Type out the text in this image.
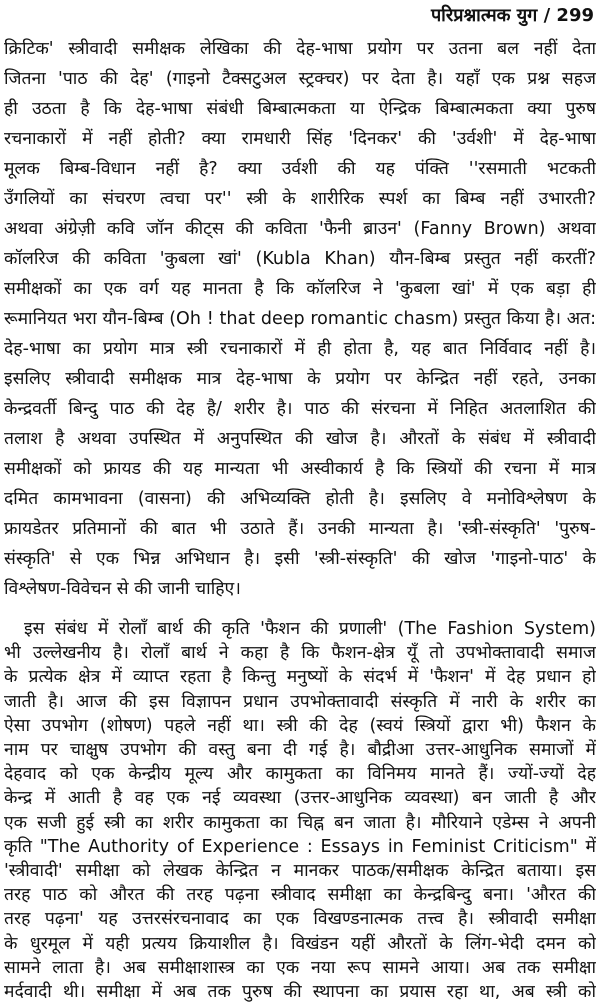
परिप्रश्नात्मक युग / 299
क्रिटिक' स्त्रीवादी समीक्षक लेखिका की देह-भाषा प्रयोग पर उतना बल नहीं देता
जितना 'पाठ की देह' (गाइनो टैक्सटुअल स्ट्रक्चर) पर देता है। यहाँ एक प्रश्न सहज
ही उठता है कि देह-भाषा संबंधी बिम्बात्मकता या ऐन्द्रिक बिम्बात्मकता क्या पुरुष
रचनाकारों में नहीं होती? क्या रामधारी सिंह 'दिनकर' की 'उर्वशी' में देह-भाषा
मूलक बिम्ब-विधान नहीं है? क्या उर्वशी की यह पंक्ति ''रसमाती भटकती
उँगलियों का संचरण त्वचा पर'' स्त्री के शारीरिक स्पर्श का बिम्ब नहीं उभारती?
अथवा अंग्रेज़ी कवि जॉन कीट्स की कविता 'फैनी ब्राउन' (Fanny Brown) अथवा
कॉलरिज की कविता 'कुबला खां' (Kubla Khan) यौन-बिम्ब प्रस्तुत नहीं करतीं?
समीक्षकों का एक वर्ग यह मानता है कि कॉलरिज ने 'कुबला खां' में एक बड़ा ही
रूमानियत भरा यौन-बिम्ब (Oh ! that deep romantic chasm) प्रस्तुत किया है। अत:
देह-भाषा का प्रयोग मात्र स्त्री रचनाकारों में ही होता है, यह बात निर्विवाद नहीं है।
इसलिए स्त्रीवादी समीक्षक मात्र देह-भाषा के प्रयोग पर केन्द्रित नहीं रहते, उनका
केन्द्रवर्ती बिन्दु पाठ की देह है/ शरीर है। पाठ की संरचना में निहित अतलाशित की
तलाश है अथवा उपस्थित में अनुपस्थित की खोज है। औरतों के संबंध में स्त्रीवादी
समीक्षकों को फ्रायड की यह मान्यता भी अस्वीकार्य है कि स्त्रियों की रचना में मात्र
दमित कामभावना (वासना) की अभिव्यक्ति होती है। इसलिए वे मनोविश्लेषण के
फ्रायडेतर प्रतिमानों की बात भी उठाते हैं। उनकी मान्यता है। 'स्त्री-संस्कृति' 'पुरुष-
संस्कृति' से एक भिन्न अभिधान है। इसी 'स्त्री-संस्कृति' की खोज 'गाइनो-पाठ' के
विश्लेषण-विवेचन से की जानी चाहिए।
इस संबंध में रोलाँ बार्थ की कृति 'फैशन की प्रणाली' (The Fashion System)
भी उल्लेखनीय है। रोलाँ बार्थ ने कहा है कि फैशन-क्षेत्र यूँ तो उपभोक्तावादी समाज
के प्रत्येक क्षेत्र में व्याप्त रहता है किन्तु मनुष्यों के संदर्भ में 'फैशन' में देह प्रधान हो
जाती है। आज की इस विज्ञापन प्रधान उपभोक्तावादी संस्कृति में नारी के शरीर का
ऐसा उपभोग (शोषण) पहले नहीं था। स्त्री की देह (स्वयं स्त्रियों द्वारा भी) फैशन के
नाम पर चाक्षुष उपभोग की वस्तु बना दी गई है। बौद्रीआ उत्तर-आधुनिक समाजों में
देहवाद को एक केन्द्रीय मूल्य और कामुकता का विनिमय मानते हैं। ज्यों-ज्यों देह
केन्द्र में आती है वह एक नई व्यवस्था (उत्तर-आधुनिक व्यवस्था) बन जाती है और
एक सजी हुई स्त्री का शरीर कामुकता का चिह्न बन जाता है। मौरियाने एडेम्स ने अपनी
कृति "The Authority of Experience : Essays in Feminist Criticism" में
'स्त्रीवादी' समीक्षा को लेखक केन्द्रित न मानकर पाठक/समीक्षक केन्द्रित बताया। इस
तरह पाठ को औरत की तरह पढ़ना स्त्रीवाद समीक्षा का केन्द्रबिन्दु बना। 'औरत की
तरह पढ़ना' यह उत्तरसंरचनावाद का एक विखण्डनात्मक तत्त्व है। स्त्रीवादी समीक्षा
के धुरमूल में यही प्रत्यय क्रियाशील है। विखंडन यहीं औरतों के लिंग-भेदी दमन को
सामने लाता है। अब समीक्षाशास्त्र का एक नया रूप सामने आया। अब तक समीक्षा
मर्दवादी थी। समीक्षा में अब तक पुरुष की स्थापना का प्रयास रहा था, अब स्त्री को
